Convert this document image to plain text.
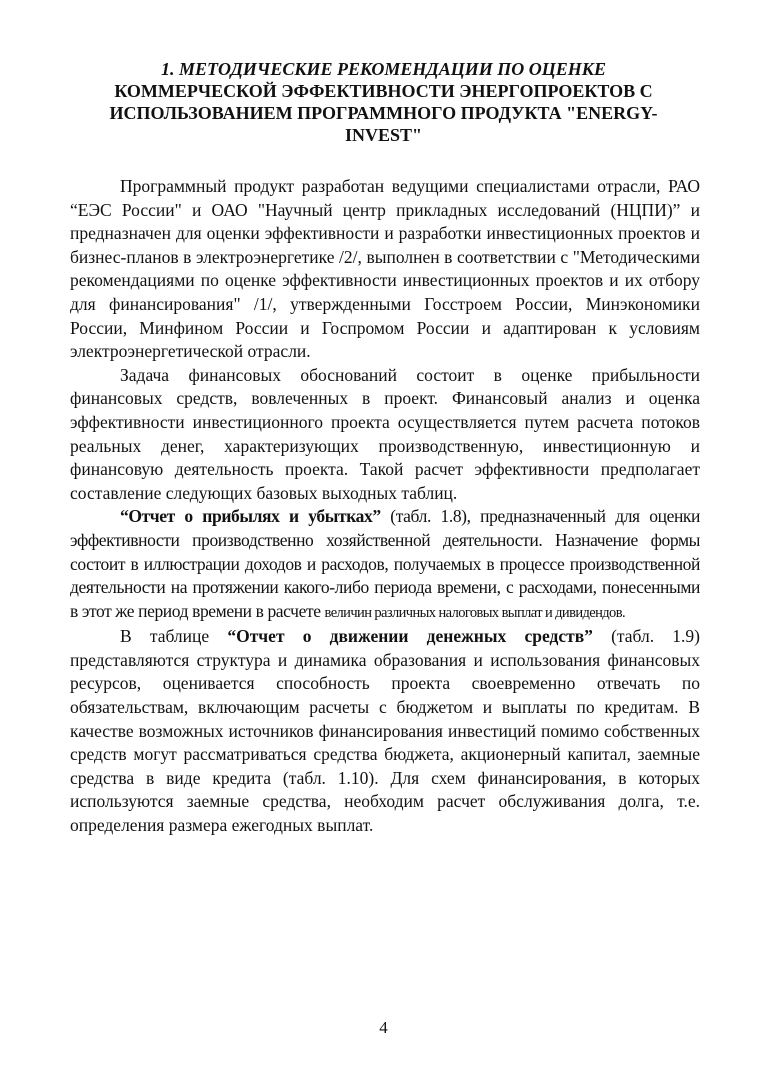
1. МЕТОДИЧЕСКИЕ РЕКОМЕНДАЦИИ ПО ОЦЕНКЕ
КОММЕРЧЕСКОЙ ЭФФЕКТИВНОСТИ ЭНЕРГОПРОЕКТОВ С
ИСПОЛЬЗОВАНИЕМ ПРОГРАММНОГО ПРОДУКТА "ENERGY-
INVEST"

Программный продукт разработан ведущими специалистами отрасли, РАО “ЕЭС России" и ОАО "Научный центр прикладных исследований (НЦПИ)” и предназначен для оценки эффективности и разработки инвестиционных проектов и бизнес-планов в электроэнергетике /2/, выполнен в соответствии с "Методическими рекомендациями по оценке эффективности инвестиционных проектов и их отбору для финансирования" /1/, утвержденными Госстроем России, Минэкономики России, Минфином России и Госпромом России и адаптирован к условиям электроэнергетической отрасли.

Задача финансовых обоснований состоит в оценке прибыльности финансовых средств, вовлеченных в проект. Финансовый анализ и оценка эффективности инвестиционного проекта осуществляется путем расчета потоков реальных денег, характеризующих производственную, инвестиционную и финансовую деятельность проекта. Такой расчет эффективности предполагает составление следующих базовых выходных таблиц.

“Отчет о прибылях и убытках” (табл. 1.8), предназначенный для оценки эффективности производственно хозяйственной деятельности. Назначение формы состоит в иллюстрации доходов и расходов, получаемых в процессе производственной деятельности на протяжении какого-либо периода времени, с расходами, понесенными в этот же период времени в расчете величин различных налоговых выплат и дивидендов.

В таблице “Отчет о движении денежных средств” (табл. 1.9) представляются структура и динамика образования и использования финансовых ресурсов, оценивается способность проекта своевременно отвечать по обязательствам, включающим расчеты с бюджетом и выплаты по кредитам. В качестве возможных источников финансирования инвестиций помимо собственных средств могут рассматриваться средства бюджета, акционерный капитал, заемные средства в виде кредита (табл. 1.10). Для схем финансирования, в которых используются заемные средства, необходим расчет обслуживания долга, т.е. определения размера ежегодных выплат.

4
